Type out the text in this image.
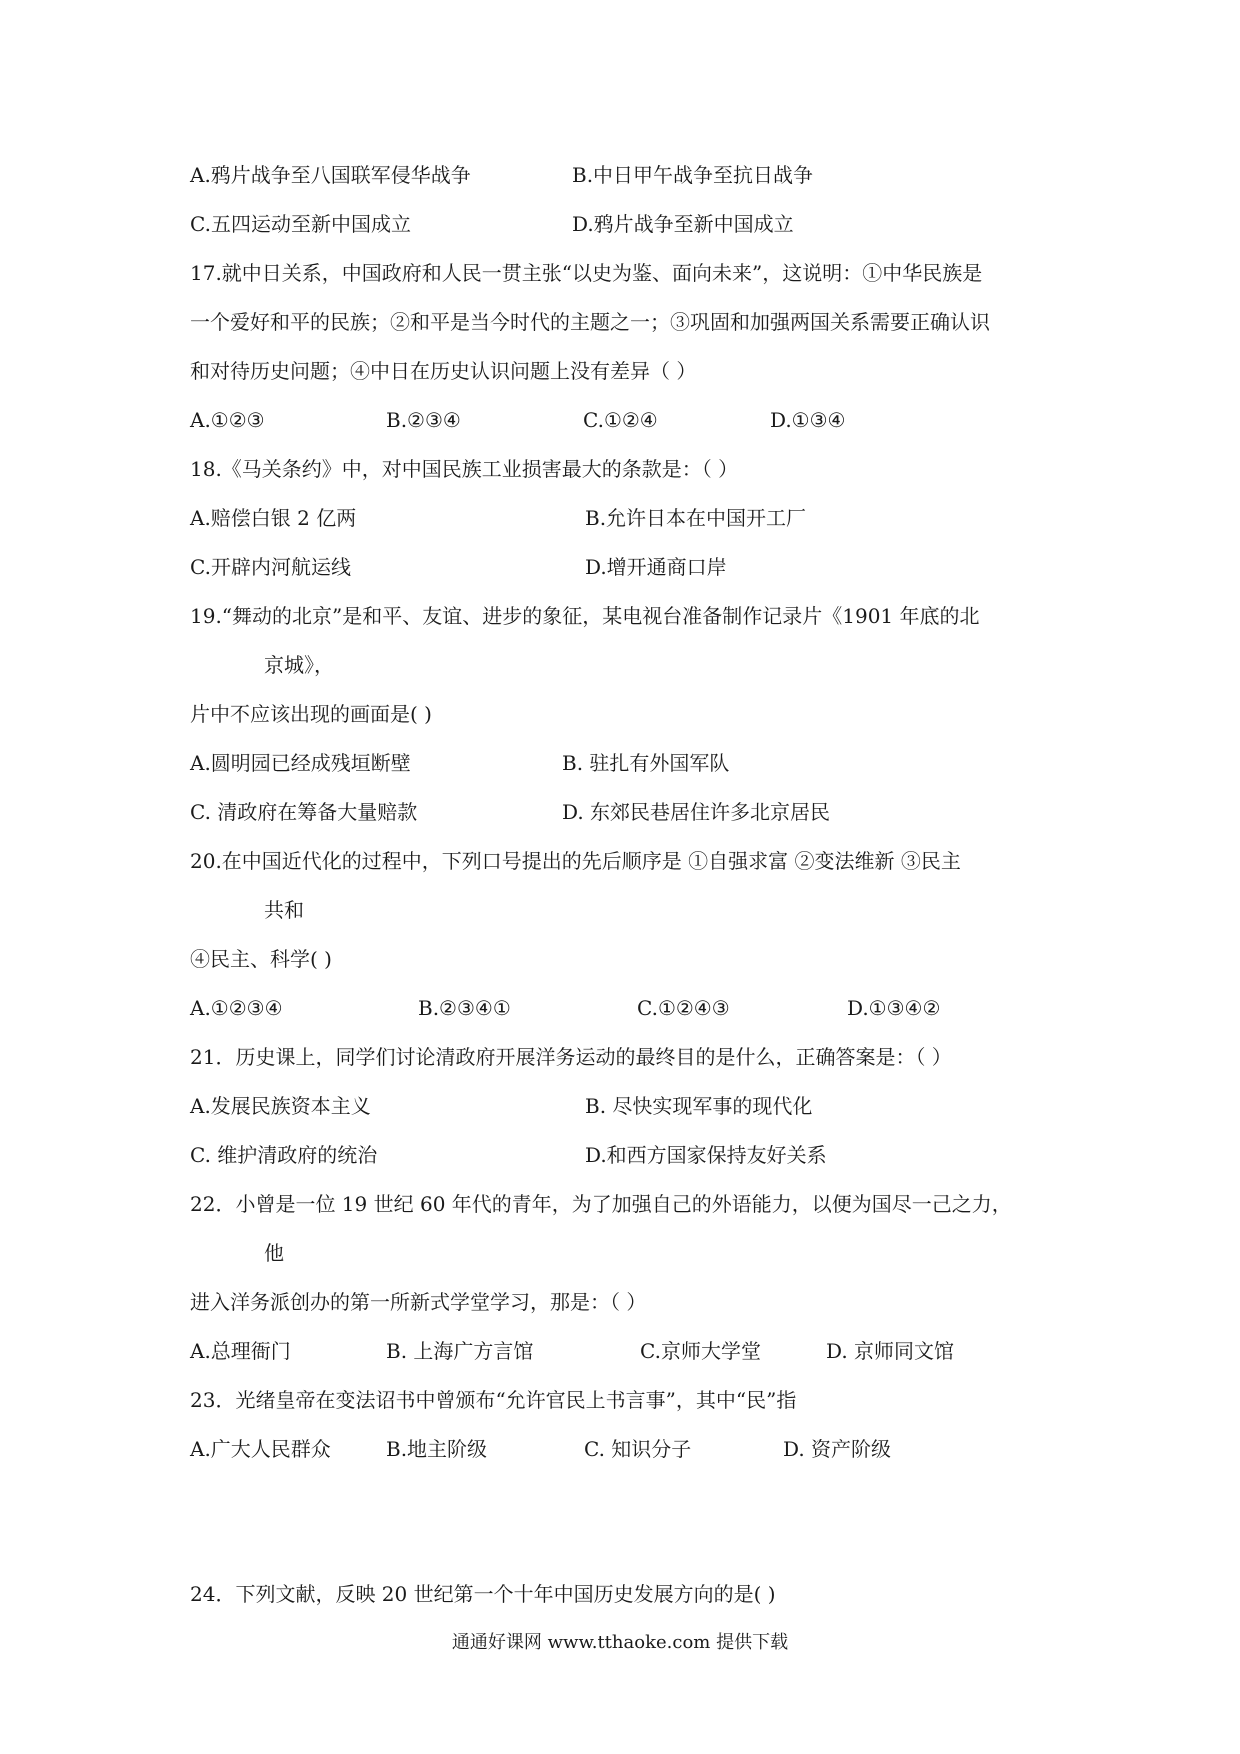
A.鸦片战争至八国联军侵华战争	B.中日甲午战争至抗日战争
C.五四运动至新中国成立	D.鸦片战争至新中国成立
17.就中日关系，中国政府和人民一贯主张“以史为鉴、面向未来”，这说明：①中华民族是
一个爱好和平的民族；②和平是当今时代的主题之一；③巩固和加强两国关系需要正确认识
和对待历史问题；④中日在历史认识问题上没有差异（ ）
A.①②③	B.②③④	C.①②④	D.①③④
18.《马关条约》中，对中国民族工业损害最大的条款是：（ ）
A.赔偿白银 2 亿两	B.允许日本在中国开工厂
C.开辟内河航运线	D.增开通商口岸
19.“舞动的北京”是和平、友谊、进步的象征，某电视台准备制作记录片《1901 年底的北
京城》，
片中不应该出现的画面是( )
A.圆明园已经成残垣断壁	B. 驻扎有外国军队
C. 清政府在筹备大量赔款	D. 东郊民巷居住许多北京居民
20.在中国近代化的过程中，下列口号提出的先后顺序是 ①自强求富 ②变法维新 ③民主
共和
④民主、科学( )
A.①②③④	B.②③④①	C.①②④③	D.①③④②
21．历史课上，同学们讨论清政府开展洋务运动的最终目的是什么，正确答案是：（ ）
A.发展民族资本主义	B. 尽快实现军事的现代化
C. 维护清政府的统治	D.和西方国家保持友好关系
22．小曾是一位 19 世纪 60 年代的青年，为了加强自己的外语能力，以便为国尽一己之力，
他
进入洋务派创办的第一所新式学堂学习，那是：（ ）
A.总理衙门	B. 上海广方言馆	C.京师大学堂	D. 京师同文馆
23．光绪皇帝在变法诏书中曾颁布“允许官民上书言事”，其中“民”指
A.广大人民群众	B.地主阶级	C. 知识分子	D. 资产阶级
24．下列文献，反映 20 世纪第一个十年中国历史发展方向的是( )
通通好课网 www.tthaoke.com 提供下载
